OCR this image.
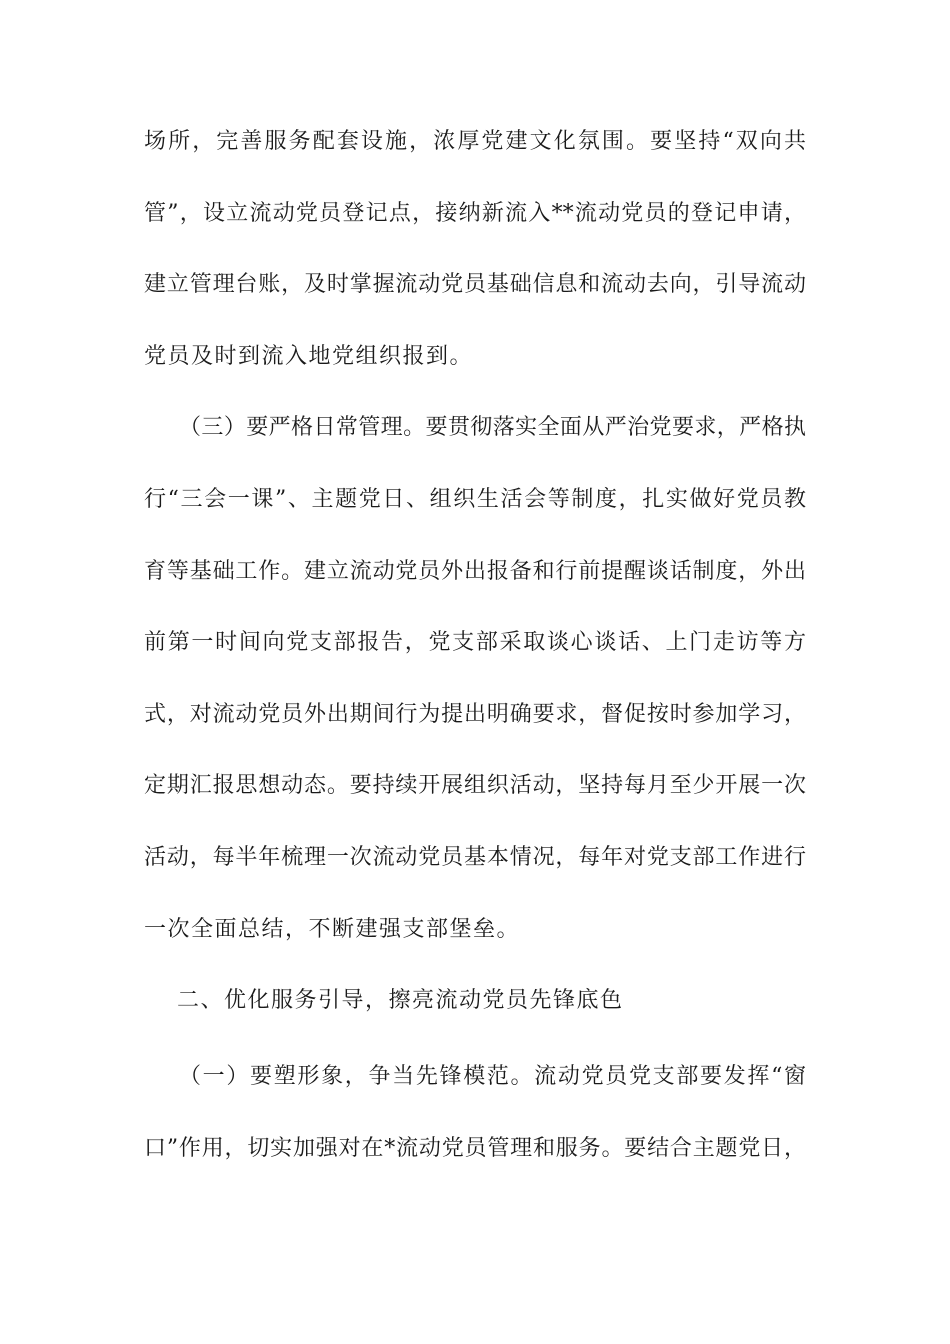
场所，完善服务配套设施，浓厚党建文化氛围。要坚持“双向共
管”，设立流动党员登记点，接纳新流入**流动党员的登记申请，
建立管理台账，及时掌握流动党员基础信息和流动去向，引导流动
党员及时到流入地党组织报到。
（三）要严格日常管理。要贯彻落实全面从严治党要求，严格执
行“三会一课”、主题党日、组织生活会等制度，扎实做好党员教
育等基础工作。建立流动党员外出报备和行前提醒谈话制度，外出
前第一时间向党支部报告，党支部采取谈心谈话、上门走访等方
式，对流动党员外出期间行为提出明确要求，督促按时参加学习，
定期汇报思想动态。要持续开展组织活动，坚持每月至少开展一次
活动，每半年梳理一次流动党员基本情况，每年对党支部工作进行
一次全面总结，不断建强支部堡垒。
二、优化服务引导，擦亮流动党员先锋底色
（一）要塑形象，争当先锋模范。流动党员党支部要发挥“窗
口”作用，切实加强对在*流动党员管理和服务。要结合主题党日，
